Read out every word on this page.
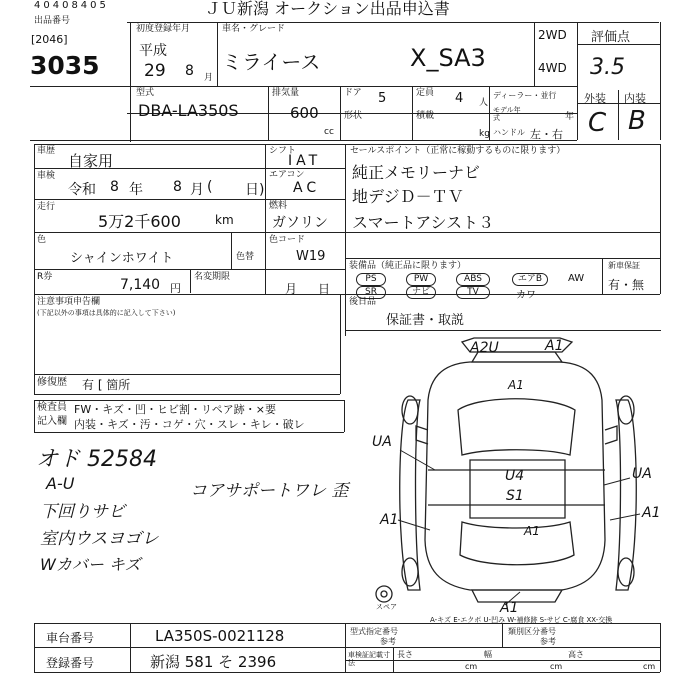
40408405	ＪＵ新潟 オークション出品申込書
出品番号
[2046]
3035
初度登録年月
平成
29 8 月
車名・グレード
ミライース	X_SA3
2WD
4WD
評価点
3.5
外装 内装
C B
型式
DBA-LA350S
排気量
600
cc
ドア 5
形状
定員 4 人
積載
kg
ディーラー・並行
モデル年式	年
ハンドル 左・右
車歴
自家用
車検
令和 8 年 8 月 ( 日)
走行
5万2千600	km
色
シャインホワイト	色替
シフト
IAT
エアコン
AC
燃料
ガソリン
色コード
W19
セールスポイント（正常に稼動するものに限ります）
純正メモリーナビ
地デジＤ－ＴＶ
スマートアシスト３
R券	7,140 円
名変期限
月 日
装備品（純正品に限ります）
PS	PW	ABS	エアB	AW
SR	ナビ	TV	カワ
新車保証
有・無
注意事項申告欄
(下記以外の事項は具体的に記入して下さい)
後日品
保証書・取説
修復歴 有 [ 箇所
検査員
記入欄
FW・キズ・凹・ヒビ割・リペア跡・×要
内装・キズ・汚・コゲ・穴・スレ・キレ・破レ
オド 52584
A-U	コアサポートワレ 歪
下回りサビ
室内ウスヨゴレ
Wカバー キズ
A2U	A1
A1
UA
A1
U4
S1
UA
A1
A1
A1
スペア
A-キズ E-エクボ U-凹み W-補修跡 S-サビ C-腐食 XX-交換
車台番号	LA350S-0021128
登録番号	新潟 581 そ 2396
型式指定番号
参考
類別区分番号
参考
車検証記載寸法
長さ	幅	高さ
cm	cm	cm
